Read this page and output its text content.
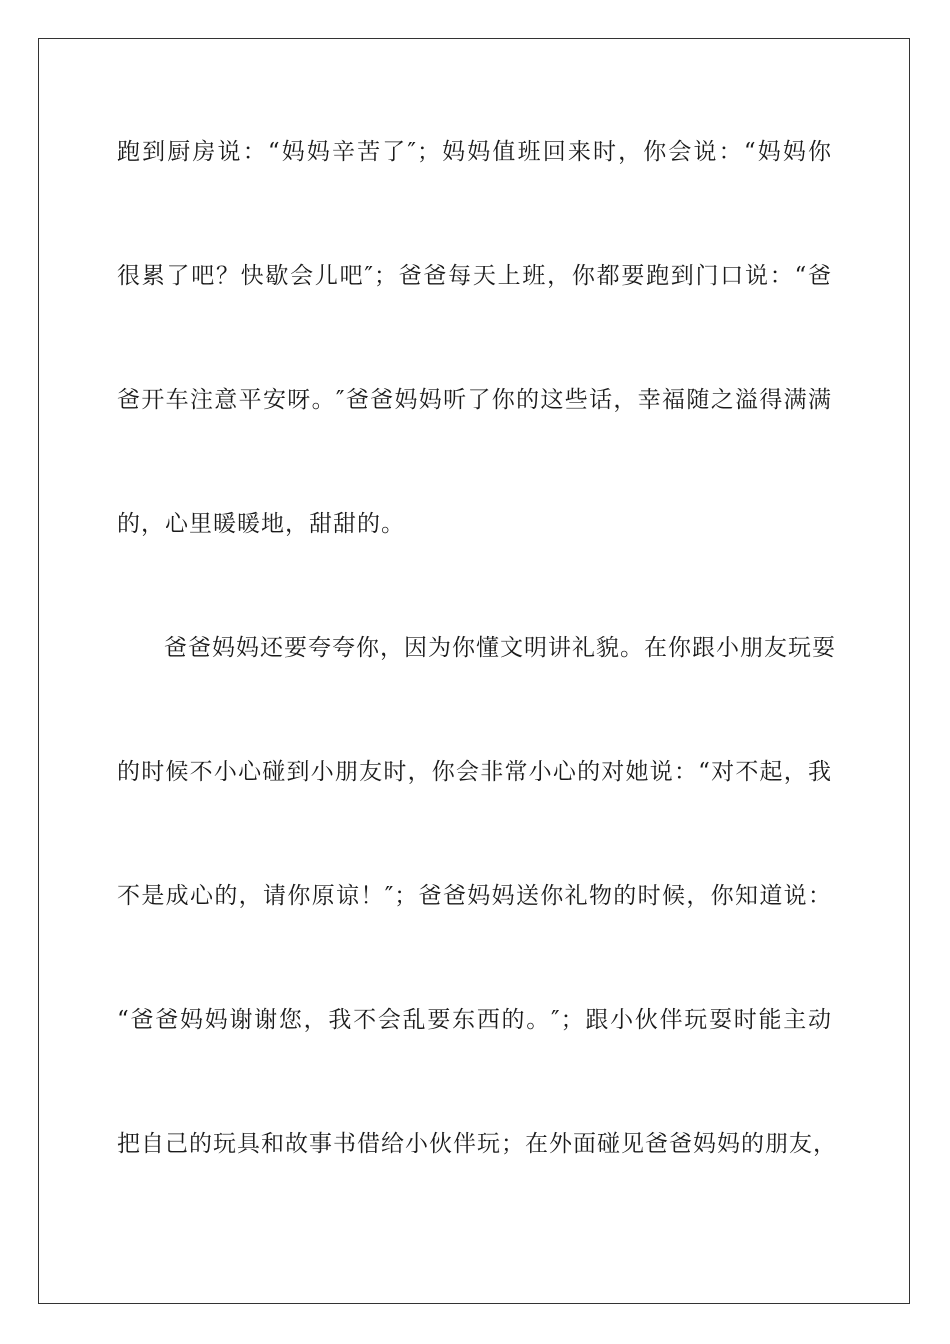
跑到厨房说：“妈妈辛苦了″；妈妈值班回来时，你会说：“妈妈你
很累了吧？快歇会儿吧″；爸爸每天上班，你都要跑到门口说：“爸
爸开车注意平安呀。″爸爸妈妈听了你的这些话，幸福随之溢得满满
的，心里暖暖地，甜甜的。
爸爸妈妈还要夸夸你，因为你懂文明讲礼貌。在你跟小朋友玩耍
的时候不小心碰到小朋友时，你会非常小心的对她说：“对不起，我
不是成心的，请你原谅！″；爸爸妈妈送你礼物的时候，你知道说：
“爸爸妈妈谢谢您，我不会乱要东西的。″；跟小伙伴玩耍时能主动
把自己的玩具和故事书借给小伙伴玩；在外面碰见爸爸妈妈的朋友，
